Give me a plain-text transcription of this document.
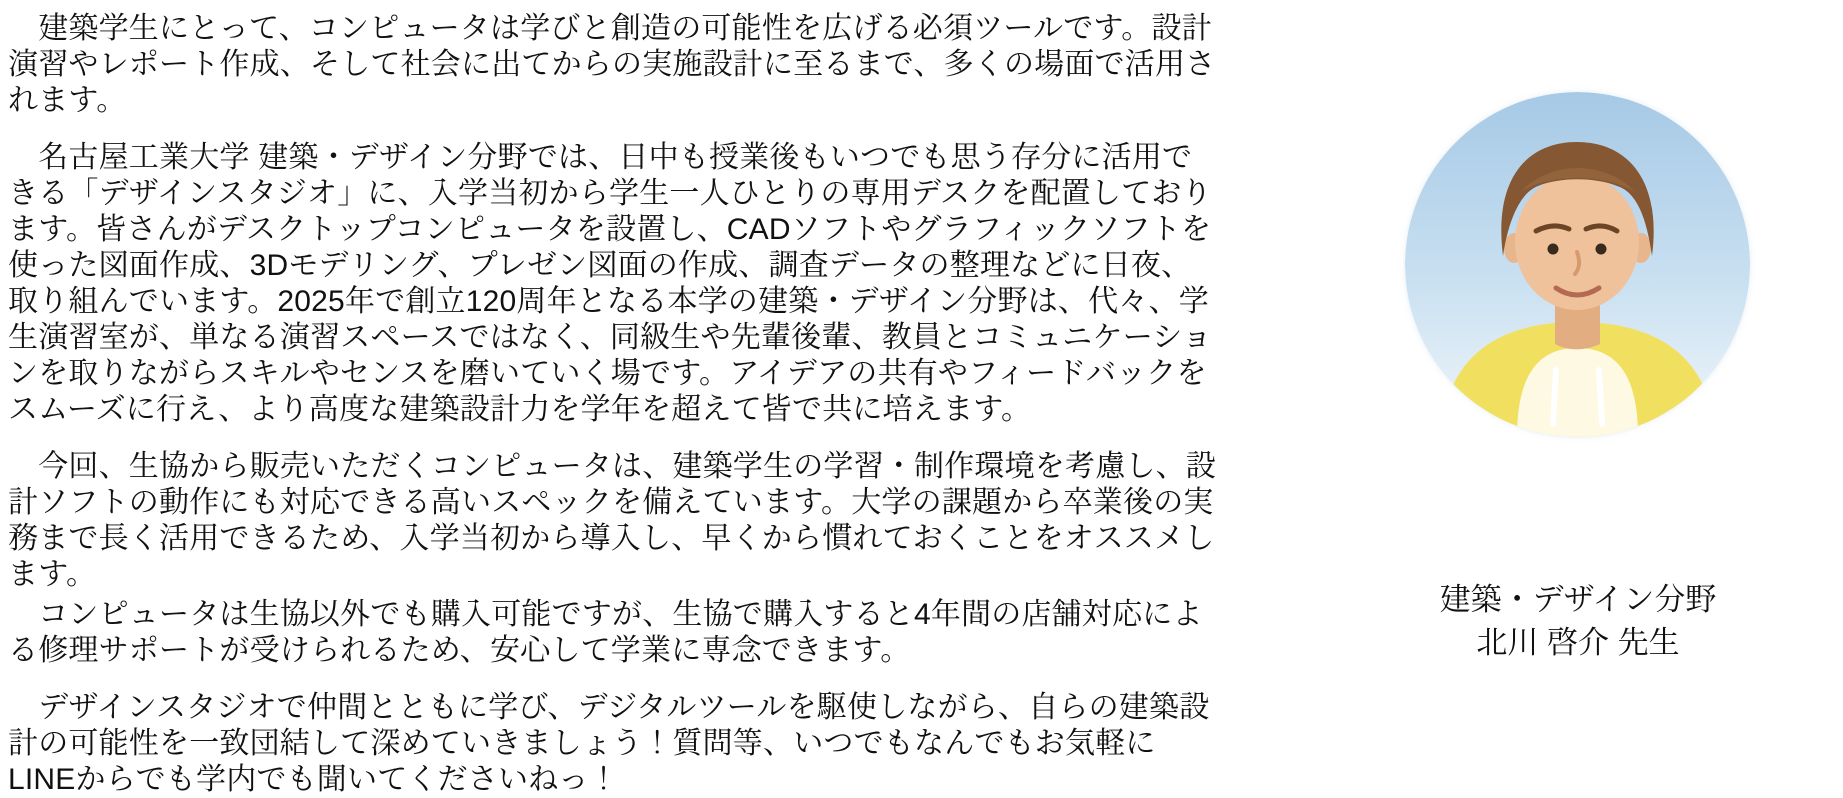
　建築学生にとって、コンピュータは学びと創造の可能性を広げる必須ツールです。設計演習やレポート作成、そして社会に出てからの実施設計に至るまで、多くの場面で活用されます。

　名古屋工業大学 建築・デザイン分野では、日中も授業後もいつでも思う存分に活用できる「デザインスタジオ」に、入学当初から学生一人ひとりの専用デスクを配置しております。皆さんがデスクトップコンピュータを設置し、CADソフトやグラフィックソフトを使った図面作成、3Dモデリング、プレゼン図面の作成、調査データの整理などに日夜、取り組んでいます。2025年で創立120周年となる本学の建築・デザイン分野は、代々、学生演習室が、単なる演習スペースではなく、同級生や先輩後輩、教員とコミュニケーションを取りながらスキルやセンスを磨いていく場です。アイデアの共有やフィードバックをスムーズに行え、より高度な建築設計力を学年を超えて皆で共に培えます。

　今回、生協から販売いただくコンピュータは、建築学生の学習・制作環境を考慮し、設計ソフトの動作にも対応できる高いスペックを備えています。大学の課題から卒業後の実務まで長く活用できるため、入学当初から導入し、早くから慣れておくことをオススメします。

　コンピュータは生協以外でも購入可能ですが、生協で購入すると4年間の店舗対応による修理サポートが受けられるため、安心して学業に専念できます。

　デザインスタジオで仲間とともに学び、デジタルツールを駆使しながら、自らの建築設計の可能性を一致団結して深めていきましょう！質問等、いつでもなんでもお気軽にLINEからでも学内でも聞いてくださいねっ！

建築・デザイン分野
北川 啓介 先生
